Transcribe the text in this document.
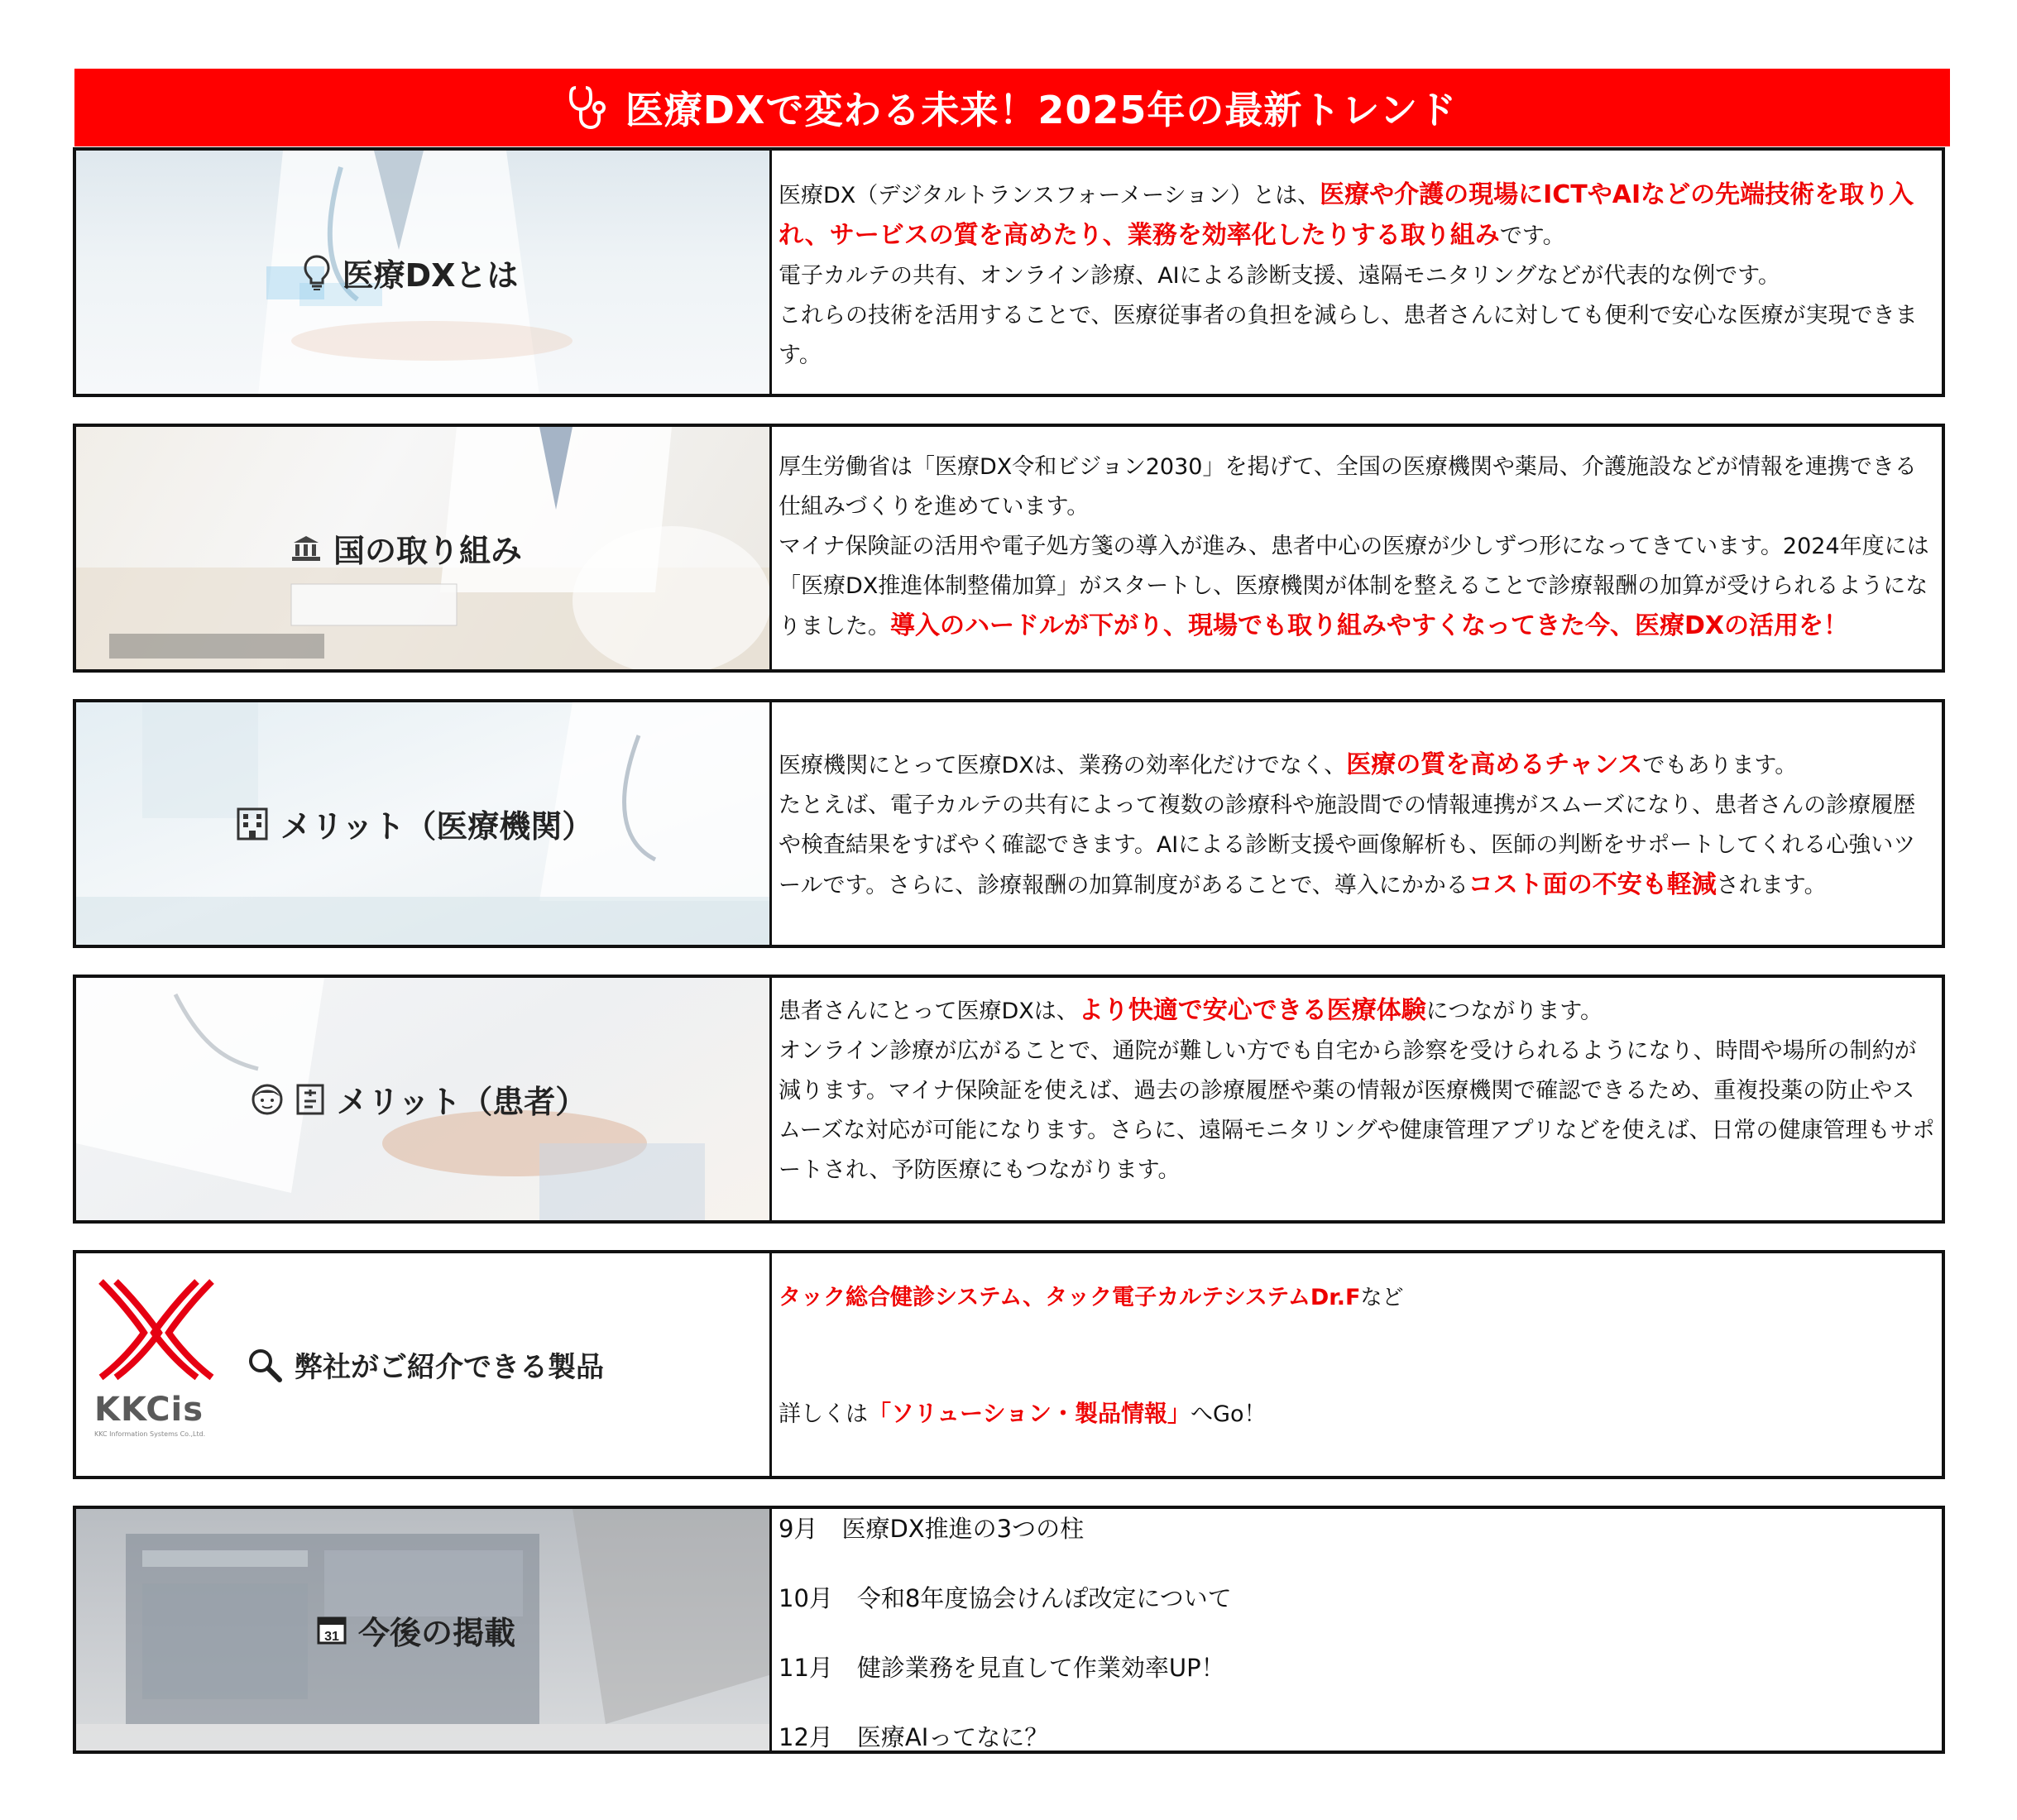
医療DXで変わる未来！2025年の最新トレンド
医療DXとは

医療DX（デジタルトランスフォーメーション）とは、医療や介護の現場にICTやAIなどの先端技術を取り入れ、サービスの質を高めたり、業務を効率化したりする取り組みです。

電子カルテの共有、オンライン診療、AIによる診断支援、遠隔モニタリングなどが代表的な例です。

これらの技術を活用することで、医療従事者の負担を減らし、患者さんに対しても便利で安心な医療が実現できます。

国の取り組み

厚生労働省は「医療DX令和ビジョン2030」を掲げて、全国の医療機関や薬局、介護施設などが情報を連携できる仕組みづくりを進めています。

マイナ保険証の活用や電子処方箋の導入が進み、患者中心の医療が少しずつ形になってきています。2024年度には「医療DX推進体制整備加算」がスタートし、医療機関が体制を整えることで診療報酬の加算が受けられるようになりました。導入のハードルが下がり、現場でも取り組みやすくなってきた今、医療DXの活用を！

メリット（医療機関）

医療機関にとって医療DXは、業務の効率化だけでなく、医療の質を高めるチャンスでもあります。

たとえば、電子カルテの共有によって複数の診療科や施設間での情報連携がスムーズになり、患者さんの診療履歴や検査結果をすばやく確認できます。AIによる診断支援や画像解析も、医師の判断をサポートしてくれる心強いツールです。さらに、診療報酬の加算制度があることで、導入にかかるコスト面の不安も軽減されます。

メリット（患者）

患者さんにとって医療DXは、より快適で安心できる医療体験につながります。

オンライン診療が広がることで、通院が難しい方でも自宅から診察を受けられるようになり、時間や場所の制約が減ります。マイナ保険証を使えば、過去の診療履歴や薬の情報が医療機関で確認できるため、重複投薬の防止やスムーズな対応が可能になります。さらに、遠隔モニタリングや健康管理アプリなどを使えば、日常の健康管理もサポートされ、予防医療にもつながります。

KKCis
KKC Information Systems Co.,Ltd.
弊社がご紹介できる製品

タック総合健診システム、タック電子カルテシステムDr.Fなど

詳しくは「ソリューション・製品情報」へGo！

31 今後の掲載

9月　医療DX推進の3つの柱

10月　令和8年度協会けんぽ改定について

11月　健診業務を見直して作業効率UP！

12月　医療AIってなに？
